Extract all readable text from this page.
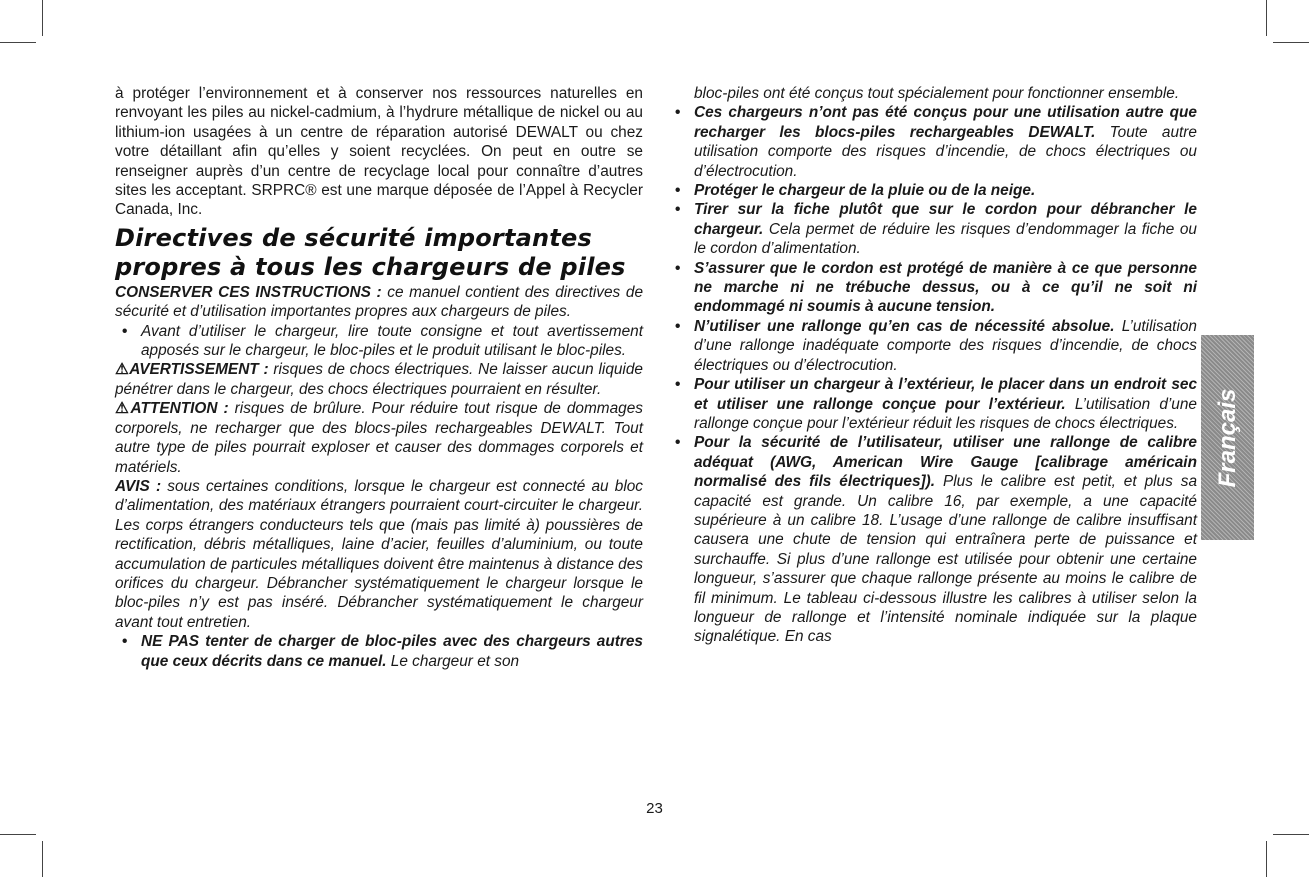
à protéger l’environnement et à conserver nos ressources naturelles en renvoyant les piles au nickel-cadmium, à l’hydrure métallique de nickel ou au lithium-ion usagées à un centre de réparation autorisé DEWALT ou chez votre détaillant afin qu’elles y soient recyclées. On peut en outre se renseigner auprès d’un centre de recyclage local pour connaître d’autres sites les acceptant. SRPRC® est une marque déposée de l’Appel à Recycler Canada, Inc.

Directives de sécurité importantes
propres à tous les chargeurs de piles

CONSERVER CES INSTRUCTIONS : ce manuel contient des directives de sécurité et d’utilisation importantes propres aux chargeurs de piles.

• Avant d’utiliser le chargeur, lire toute consigne et tout avertissement apposés sur le chargeur, le bloc-piles et le produit utilisant le bloc-piles.

⚠AVERTISSEMENT : risques de chocs électriques. Ne laisser aucun liquide pénétrer dans le chargeur, des chocs électriques pourraient en résulter.

⚠ATTENTION : risques de brûlure. Pour réduire tout risque de dommages corporels, ne recharger que des blocs-piles rechargeables DEWALT. Tout autre type de piles pourrait exploser et causer des dommages corporels et matériels.

AVIS : sous certaines conditions, lorsque le chargeur est connecté au bloc d’alimentation, des matériaux étrangers pourraient court-circuiter le chargeur. Les corps étrangers conducteurs tels que (mais pas limité à) poussières de rectification, débris métalliques, laine d’acier, feuilles d’aluminium, ou toute accumulation de particules métalliques doivent être maintenus à distance des orifices du chargeur. Débrancher systématiquement le chargeur lorsque le bloc-piles n’y est pas inséré. Débrancher systématiquement le chargeur avant tout entretien.

• NE PAS tenter de charger de bloc-piles avec des chargeurs autres que ceux décrits dans ce manuel. Le chargeur et son

bloc-piles ont été conçus tout spécialement pour fonctionner ensemble.

• Ces chargeurs n’ont pas été conçus pour une utilisation autre que recharger les blocs-piles rechargeables DEWALT. Toute autre utilisation comporte des risques d’incendie, de chocs électriques ou d’électrocution.

• Protéger le chargeur de la pluie ou de la neige.

• Tirer sur la fiche plutôt que sur le cordon pour débrancher le chargeur. Cela permet de réduire les risques d’endommager la fiche ou le cordon d’alimentation.

• S’assurer que le cordon est protégé de manière à ce que personne ne marche ni ne trébuche dessus, ou à ce qu’il ne soit ni endommagé ni soumis à aucune tension.

• N’utiliser une rallonge qu’en cas de nécessité absolue. L’utilisation d’une rallonge inadéquate comporte des risques d’incendie, de chocs électriques ou d’électrocution.

• Pour utiliser un chargeur à l’extérieur, le placer dans un endroit sec et utiliser une rallonge conçue pour l’extérieur. L’utilisation d’une rallonge conçue pour l’extérieur réduit les risques de chocs électriques.

• Pour la sécurité de l’utilisateur, utiliser une rallonge de calibre adéquat (AWG, American Wire Gauge [calibrage américain normalisé des fils électriques]). Plus le calibre est petit, et plus sa capacité est grande. Un calibre 16, par exemple, a une capacité supérieure à un calibre 18. L’usage d’une rallonge de calibre insuffisant causera une chute de tension qui entraînera perte de puissance et surchauffe. Si plus d’une rallonge est utilisée pour obtenir une certaine longueur, s’assurer que chaque rallonge présente au moins le calibre de fil minimum. Le tableau ci-dessous illustre les calibres à utiliser selon la longueur de rallonge et l’intensité nominale indiquée sur la plaque signalétique. En cas

Français
23
